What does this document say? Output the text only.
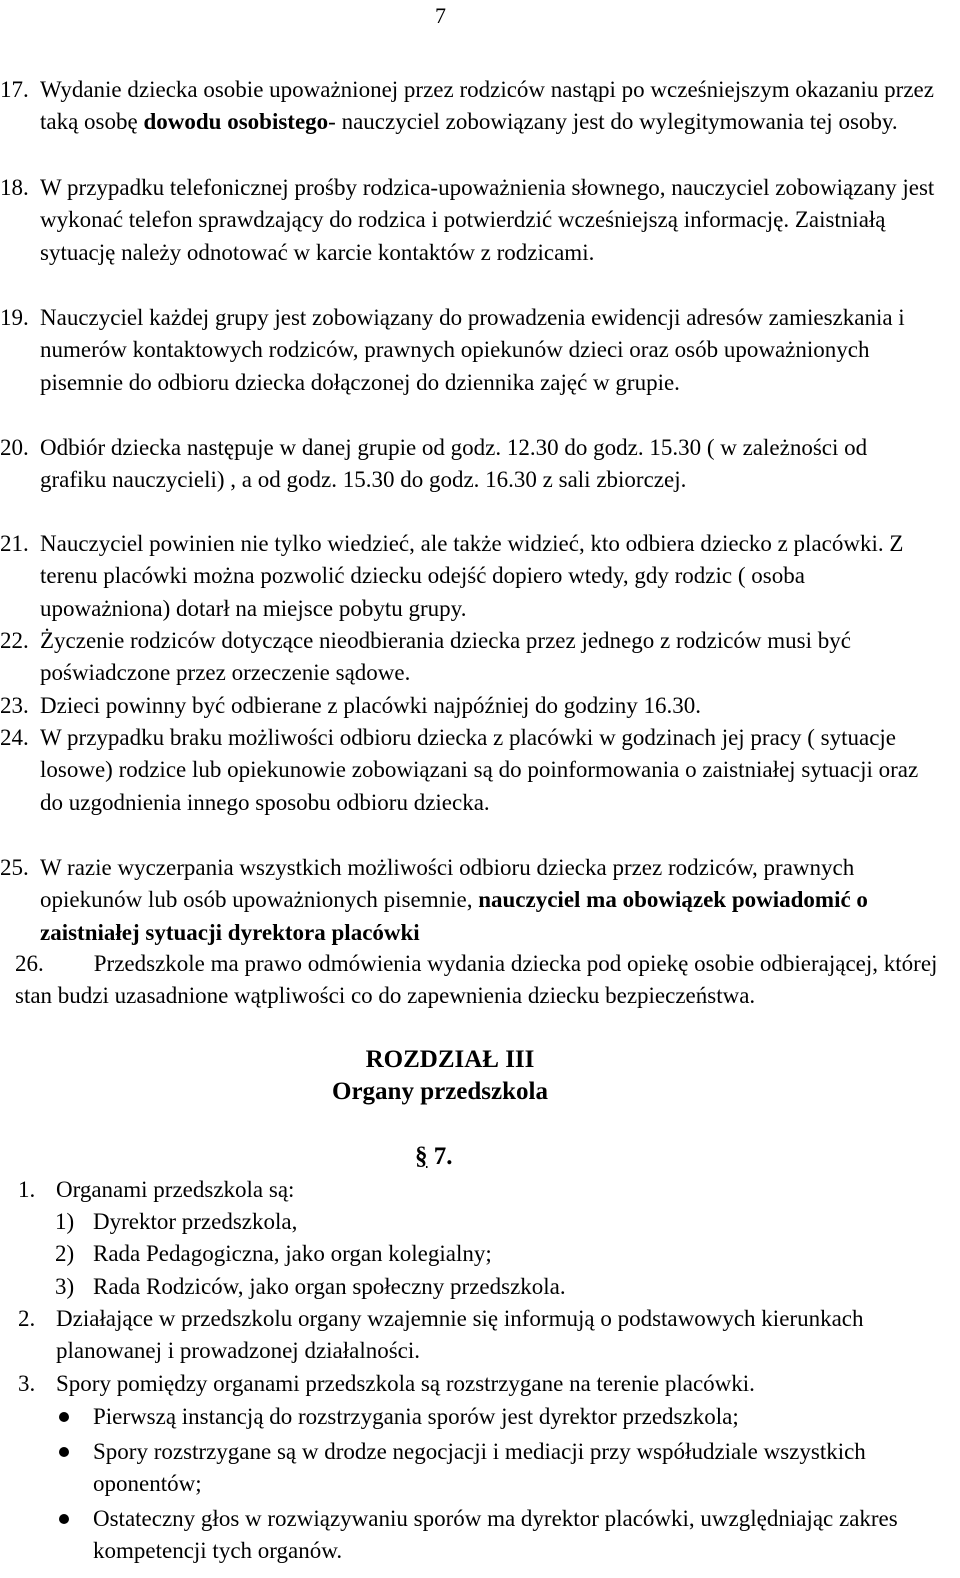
7
17. Wydanie dziecka osobie upoważnionej przez rodziców nastąpi po wcześniejszym okazaniu przez taką osobę dowodu osobistego- nauczyciel zobowiązany jest do wylegitymowania tej osoby.
18. W przypadku telefonicznej prośby rodzica-upoważnienia słownego, nauczyciel zobowiązany jest wykonać telefon sprawdzający do rodzica i potwierdzić wcześniejszą informację. Zaistniałą sytuację należy odnotować w karcie kontaktów z rodzicami.
19. Nauczyciel każdej grupy jest zobowiązany do prowadzenia ewidencji adresów zamieszkania i numerów kontaktowych rodziców, prawnych opiekunów dzieci oraz osób upoważnionych pisemnie do odbioru dziecka dołączonej do dziennika zajęć w grupie.
20. Odbiór dziecka następuje w danej grupie od godz. 12.30 do godz. 15.30 ( w zależności od grafiku nauczycieli) , a od godz. 15.30 do godz. 16.30 z sali zbiorczej.
21. Nauczyciel powinien nie tylko wiedzieć, ale także widzieć, kto odbiera dziecko z placówki. Z terenu placówki można pozwolić dziecku odejść dopiero wtedy, gdy rodzic ( osoba upoważniona) dotarł na miejsce pobytu grupy.
22. Życzenie rodziców dotyczące nieodbierania dziecka przez jednego z rodziców musi być poświadczone przez orzeczenie sądowe.
23. Dzieci powinny być odbierane z placówki najpóźniej do godziny 16.30.
24. W przypadku braku możliwości odbioru dziecka z placówki w godzinach jej pracy ( sytuacje losowe) rodzice lub opiekunowie zobowiązani są do poinformowania o zaistniałej sytuacji oraz do uzgodnienia innego sposobu odbioru dziecka.
25. W razie wyczerpania wszystkich możliwości odbioru dziecka przez rodziców, prawnych opiekunów lub osób upoważnionych pisemnie, nauczyciel ma obowiązek powiadomić o zaistniałej sytuacji dyrektora placówki
26. Przedszkole ma prawo odmówienia wydania dziecka pod opiekę osobie odbierającej, której stan budzi uzasadnione wątpliwości co do zapewnienia dziecku bezpieczeństwa.
ROZDZIAŁ III
Organy przedszkola
§ 7.
1. Organami przedszkola są:
1) Dyrektor przedszkola,
2) Rada Pedagogiczna, jako organ kolegialny;
3) Rada Rodziców, jako organ społeczny przedszkola.
2. Działające w przedszkolu organy wzajemnie się informują o podstawowych kierunkach planowanej i prowadzonej działalności.
3. Spory pomiędzy organami przedszkola są rozstrzygane na terenie placówki.
Pierwszą instancją do rozstrzygania sporów jest dyrektor przedszkola;
Spory rozstrzygane są w drodze negocjacji i mediacji przy współudziale wszystkich oponentów;
Ostateczny głos w rozwiązywaniu sporów ma dyrektor placówki, uwzględniając zakres kompetencji tych organów.
